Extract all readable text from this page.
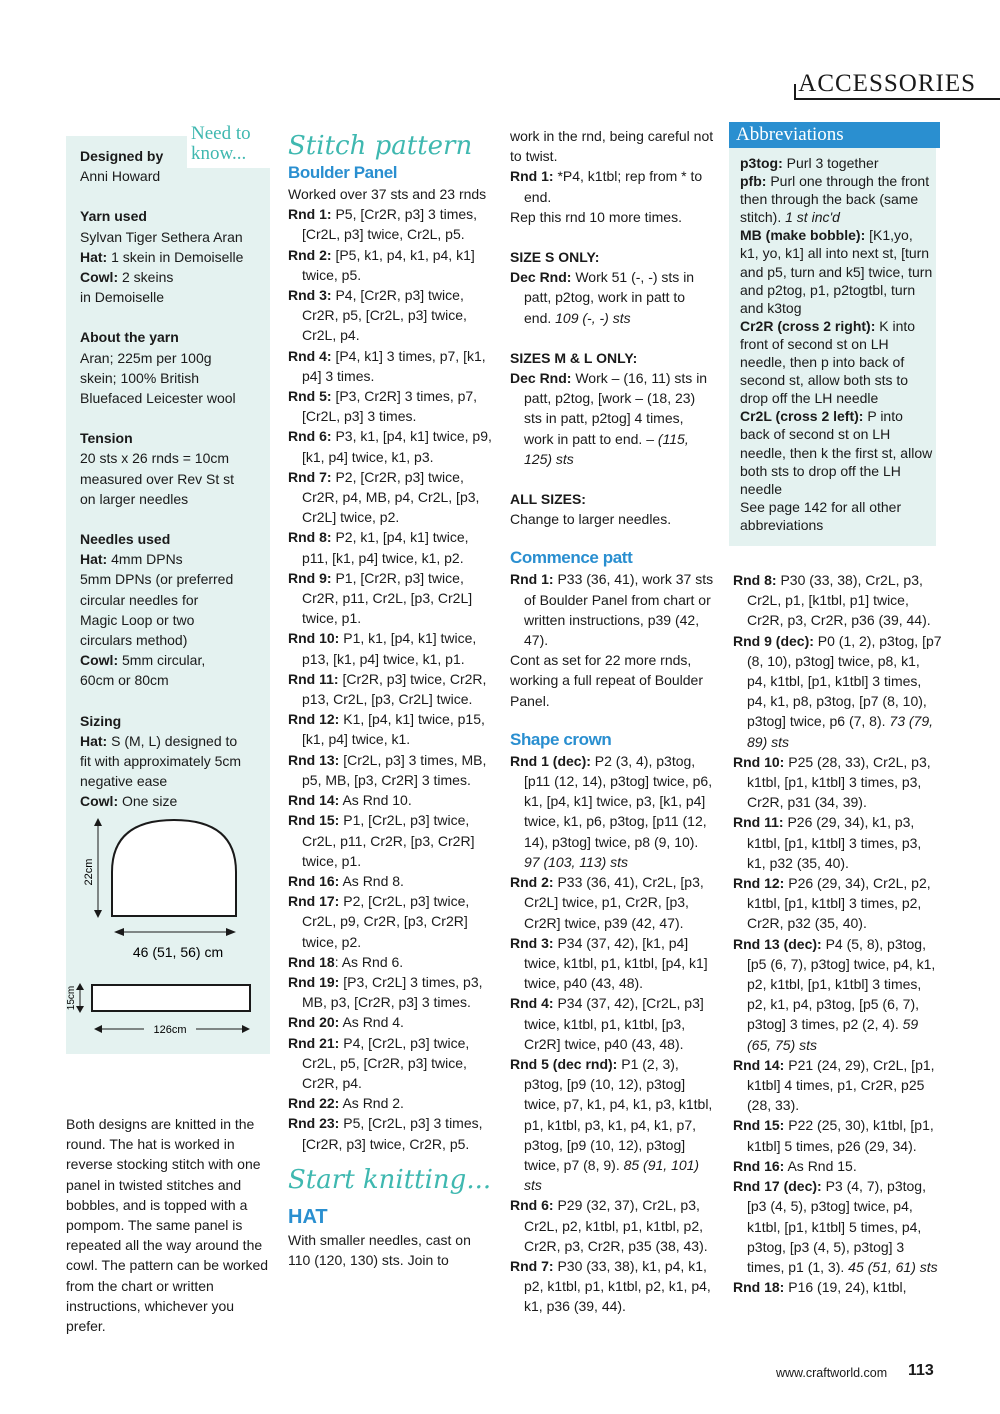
ACCESSORIES
Need to
know...

Designed by
Anni Howard

Yarn used
Sylvan Tiger Sethera Aran
Hat: 1 skein in Demoiselle
Cowl: 2 skeins
in Demoiselle

About the yarn
Aran; 225m per 100g
skein; 100% British
Bluefaced Leicester wool

Tension
20 sts x 26 rnds = 10cm
measured over Rev St st
on larger needles

Needles used
Hat: 4mm DPNs
5mm DPNs (or preferred
circular needles for
Magic Loop or two
circulars method)
Cowl: 5mm circular,
60cm or 80cm

Sizing
Hat: S (M, L) designed to
fit with approximately 5cm
negative ease
Cowl: One size

22cm
46 (51, 56) cm
15cm
126cm
Both designs are knitted in the round. The hat is worked in reverse stocking stitch with one panel in twisted stitches and bobbles, and is topped with a pompom. The same panel is repeated all the way around the cowl. The pattern can be worked from the chart or written instructions, whichever you prefer.
Stitch pattern
Boulder Panel
Worked over 37 sts and 23 rnds
Rnd 1: P5, [Cr2R, p3] 3 times, [Cr2L, p3] twice, Cr2L, p5.
Rnd 2: [P5, k1, p4, k1, p4, k1] twice, p5.
Rnd 3: P4, [Cr2R, p3] twice, Cr2R, p5, [Cr2L, p3] twice, Cr2L, p4.
Rnd 4: [P4, k1] 3 times, p7, [k1, p4] 3 times.
Rnd 5: [P3, Cr2R] 3 times, p7, [Cr2L, p3] 3 times.
Rnd 6: P3, k1, [p4, k1] twice, p9, [k1, p4] twice, k1, p3.
Rnd 7: P2, [Cr2R, p3] twice, Cr2R, p4, MB, p4, Cr2L, [p3, Cr2L] twice, p2.
Rnd 8: P2, k1, [p4, k1] twice, p11, [k1, p4] twice, k1, p2.
Rnd 9: P1, [Cr2R, p3] twice, Cr2R, p11, Cr2L, [p3, Cr2L] twice, p1.
Rnd 10: P1, k1, [p4, k1] twice, p13, [k1, p4] twice, k1, p1.
Rnd 11: [Cr2R, p3] twice, Cr2R, p13, Cr2L, [p3, Cr2L] twice.
Rnd 12: K1, [p4, k1] twice, p15, [k1, p4] twice, k1.
Rnd 13: [Cr2L, p3] 3 times, MB, p5, MB, [p3, Cr2R] 3 times.
Rnd 14: As Rnd 10.
Rnd 15: P1, [Cr2L, p3] twice, Cr2L, p11, Cr2R, [p3, Cr2R] twice, p1.
Rnd 16: As Rnd 8.
Rnd 17: P2, [Cr2L, p3] twice, Cr2L, p9, Cr2R, [p3, Cr2R] twice, p2.
Rnd 18: As Rnd 6.
Rnd 19: [P3, Cr2L] 3 times, p3, MB, p3, [Cr2R, p3] 3 times.
Rnd 20: As Rnd 4.
Rnd 21: P4, [Cr2L, p3] twice, Cr2L, p5, [Cr2R, p3] twice, Cr2R, p4.
Rnd 22: As Rnd 2.
Rnd 23: P5, [Cr2L, p3] 3 times, [Cr2R, p3] twice, Cr2R, p5.
Start knitting...
HAT
With smaller needles, cast on 110 (120, 130) sts. Join to
work in the rnd, being careful not to twist.
Rnd 1: *P4, k1tbl; rep from * to end.
Rep this rnd 10 more times.
SIZE S ONLY:
Dec Rnd: Work 51 (-, -) sts in patt, p2tog, work in patt to end. 109 (-, -) sts
SIZES M & L ONLY:
Dec Rnd: Work – (16, 11) sts in patt, p2tog, [work – (18, 23) sts in patt, p2tog] 4 times, work in patt to end. – (115, 125) sts
ALL SIZES:
Change to larger needles.
Commence patt
Rnd 1: P33 (36, 41), work 37 sts of Boulder Panel from chart or written instructions, p39 (42, 47).
Cont as set for 22 more rnds, working a full repeat of Boulder Panel.
Shape crown
Rnd 1 (dec): P2 (3, 4), p3tog, [p11 (12, 14), p3tog] twice, p6, k1, [p4, k1] twice, p3, [k1, p4] twice, k1, p6, p3tog, [p11 (12, 14), p3tog] twice, p8 (9, 10). 97 (103, 113) sts
Rnd 2: P33 (36, 41), Cr2L, [p3, Cr2L] twice, p1, Cr2R, [p3, Cr2R] twice, p39 (42, 47).
Rnd 3: P34 (37, 42), [k1, p4] twice, k1tbl, p1, k1tbl, [p4, k1] twice, p40 (43, 48).
Rnd 4: P34 (37, 42), [Cr2L, p3] twice, k1tbl, p1, k1tbl, [p3, Cr2R] twice, p40 (43, 48).
Rnd 5 (dec rnd): P1 (2, 3), p3tog, [p9 (10, 12), p3tog] twice, p7, k1, p4, k1, p3, k1tbl, p1, k1tbl, p3, k1, p4, k1, p7, p3tog, [p9 (10, 12), p3tog] twice, p7 (8, 9). 85 (91, 101) sts
Rnd 6: P29 (32, 37), Cr2L, p3, Cr2L, p2, k1tbl, p1, k1tbl, p2, Cr2R, p3, Cr2R, p35 (38, 43).
Rnd 7: P30 (33, 38), k1, p4, k1, p2, k1tbl, p1, k1tbl, p2, k1, p4, k1, p36 (39, 44).
Abbreviations
p3tog: Purl 3 together
pfb: Purl one through the front then through the back (same stitch). 1 st inc'd
MB (make bobble): [K1,yo, k1, yo, k1] all into next st, [turn and p5, turn and k5] twice, turn and p2tog, p1, p2togtbl, turn and k3tog
Cr2R (cross 2 right): K into front of second st on LH needle, then p into back of second st, allow both sts to drop off the LH needle
Cr2L (cross 2 left): P into back of second st on LH needle, then k the first st, allow both sts to drop off the LH needle
See page 142 for all other abbreviations
Rnd 8: P30 (33, 38), Cr2L, p3, Cr2L, p1, [k1tbl, p1] twice, Cr2R, p3, Cr2R, p36 (39, 44).
Rnd 9 (dec): P0 (1, 2), p3tog, [p7 (8, 10), p3tog] twice, p8, k1, p4, k1tbl, [p1, k1tbl] 3 times, p4, k1, p8, p3tog, [p7 (8, 10), p3tog] twice, p6 (7, 8). 73 (79, 89) sts
Rnd 10: P25 (28, 33), Cr2L, p3, k1tbl, [p1, k1tbl] 3 times, p3, Cr2R, p31 (34, 39).
Rnd 11: P26 (29, 34), k1, p3, k1tbl, [p1, k1tbl] 3 times, p3, k1, p32 (35, 40).
Rnd 12: P26 (29, 34), Cr2L, p2, k1tbl, [p1, k1tbl] 3 times, p2, Cr2R, p32 (35, 40).
Rnd 13 (dec): P4 (5, 8), p3tog, [p5 (6, 7), p3tog] twice, p4, k1, p2, k1tbl, [p1, k1tbl] 3 times, p2, k1, p4, p3tog, [p5 (6, 7), p3tog] 3 times, p2 (2, 4). 59 (65, 75) sts
Rnd 14: P21 (24, 29), Cr2L, [p1, k1tbl] 4 times, p1, Cr2R, p25 (28, 33).
Rnd 15: P22 (25, 30), k1tbl, [p1, k1tbl] 5 times, p26 (29, 34).
Rnd 16: As Rnd 15.
Rnd 17 (dec): P3 (4, 7), p3tog, [p3 (4, 5), p3tog] twice, p4, k1tbl, [p1, k1tbl] 5 times, p4, p3tog, [p3 (4, 5), p3tog] 3 times, p1 (1, 3). 45 (51, 61) sts
Rnd 18: P16 (19, 24), k1tbl,
www.craftworld.com 113
